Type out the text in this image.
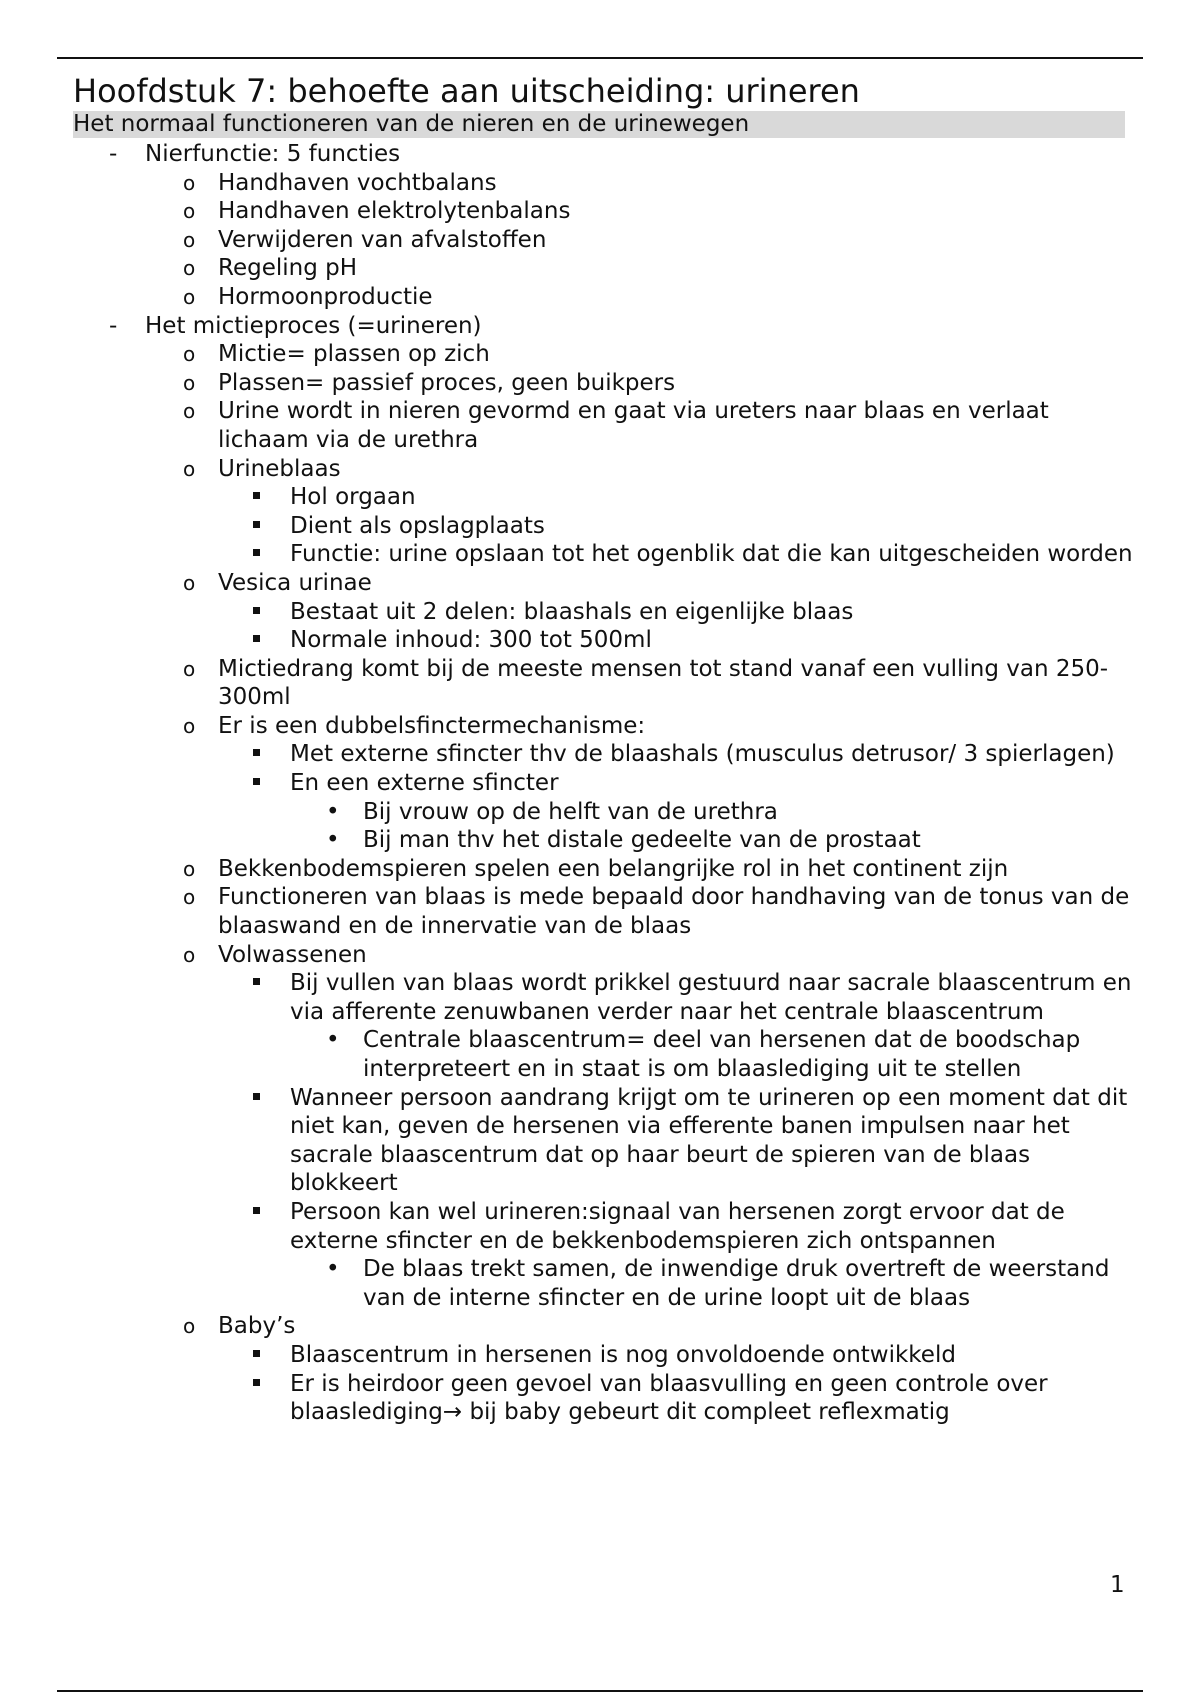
Hoofdstuk 7: behoefte aan uitscheiding: urineren
Het normaal functioneren van de nieren en de urinewegen
- Nierfunctie: 5 functies
o Handhaven vochtbalans
o Handhaven elektrolytenbalans
o Verwijderen van afvalstoffen
o Regeling pH
o Hormoonproductie
- Het mictieproces (=urineren)
o Mictie= plassen op zich
o Plassen= passief proces, geen buikpers
o Urine wordt in nieren gevormd en gaat via ureters naar blaas en verlaat lichaam via de urethra
o Urineblaas
Hol orgaan
Dient als opslagplaats
Functie: urine opslaan tot het ogenblik dat die kan uitgescheiden worden
o Vesica urinae
Bestaat uit 2 delen: blaashals en eigenlijke blaas
Normale inhoud: 300 tot 500ml
o Mictiedrang komt bij de meeste mensen tot stand vanaf een vulling van 250-300ml
o Er is een dubbelsfinctermechanisme:
Met externe sfincter thv de blaashals (musculus detrusor/ 3 spierlagen)
En een externe sfincter
• Bij vrouw op de helft van de urethra
• Bij man thv het distale gedeelte van de prostaat
o Bekkenbodemspieren spelen een belangrijke rol in het continent zijn
o Functioneren van blaas is mede bepaald door handhaving van de tonus van de blaaswand en de innervatie van de blaas
o Volwassenen
Bij vullen van blaas wordt prikkel gestuurd naar sacrale blaascentrum en via afferente zenuwbanen verder naar het centrale blaascentrum
• Centrale blaascentrum= deel van hersenen dat de boodschap interpreteert en in staat is om blaaslediging uit te stellen
Wanneer persoon aandrang krijgt om te urineren op een moment dat dit niet kan, geven de hersenen via efferente banen impulsen naar het sacrale blaascentrum dat op haar beurt de spieren van de blaas blokkeert
Persoon kan wel urineren:signaal van hersenen zorgt ervoor dat de externe sfincter en de bekkenbodemspieren zich ontspannen
• De blaas trekt samen, de inwendige druk overtreft de weerstand van de interne sfincter en de urine loopt uit de blaas
o Baby’s
Blaascentrum in hersenen is nog onvoldoende ontwikkeld
Er is heirdoor geen gevoel van blaasvulling en geen controle over blaaslediging→ bij baby gebeurt dit compleet reflexmatig
1
